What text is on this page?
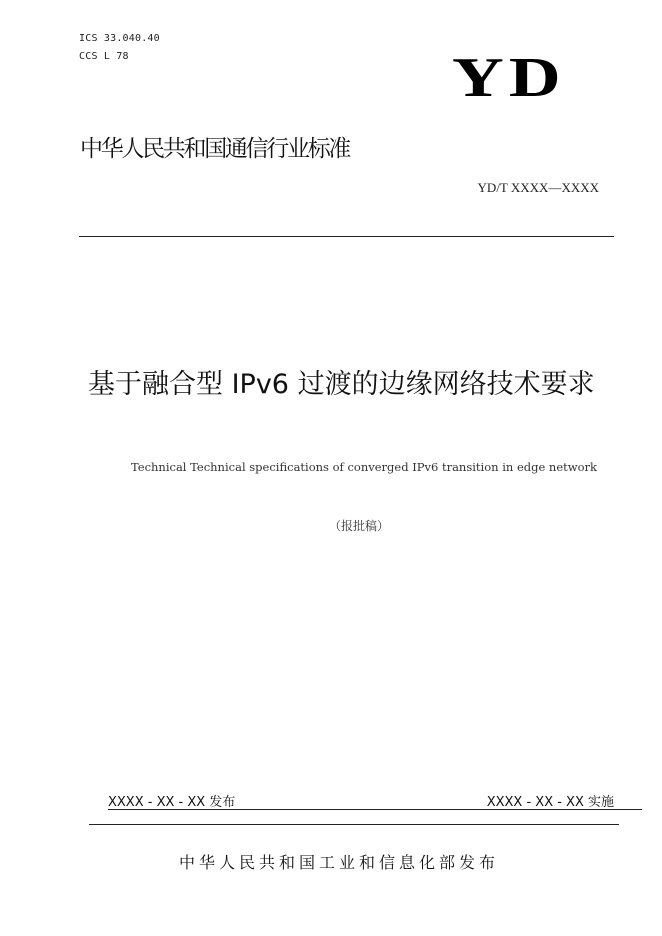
ICS 33.040.40
CCS L 78	YD
中华人民共和国通信行业标准
YD/T XXXX—XXXX
基于融合型 IPv6 过渡的边缘网络技术要求
Technical Technical specifications of converged IPv6 transition in edge network
（报批稿）
XXXX - XX - XX 发布	XXXX - XX - XX 实施
中华人民共和国工业和信息化部发布
